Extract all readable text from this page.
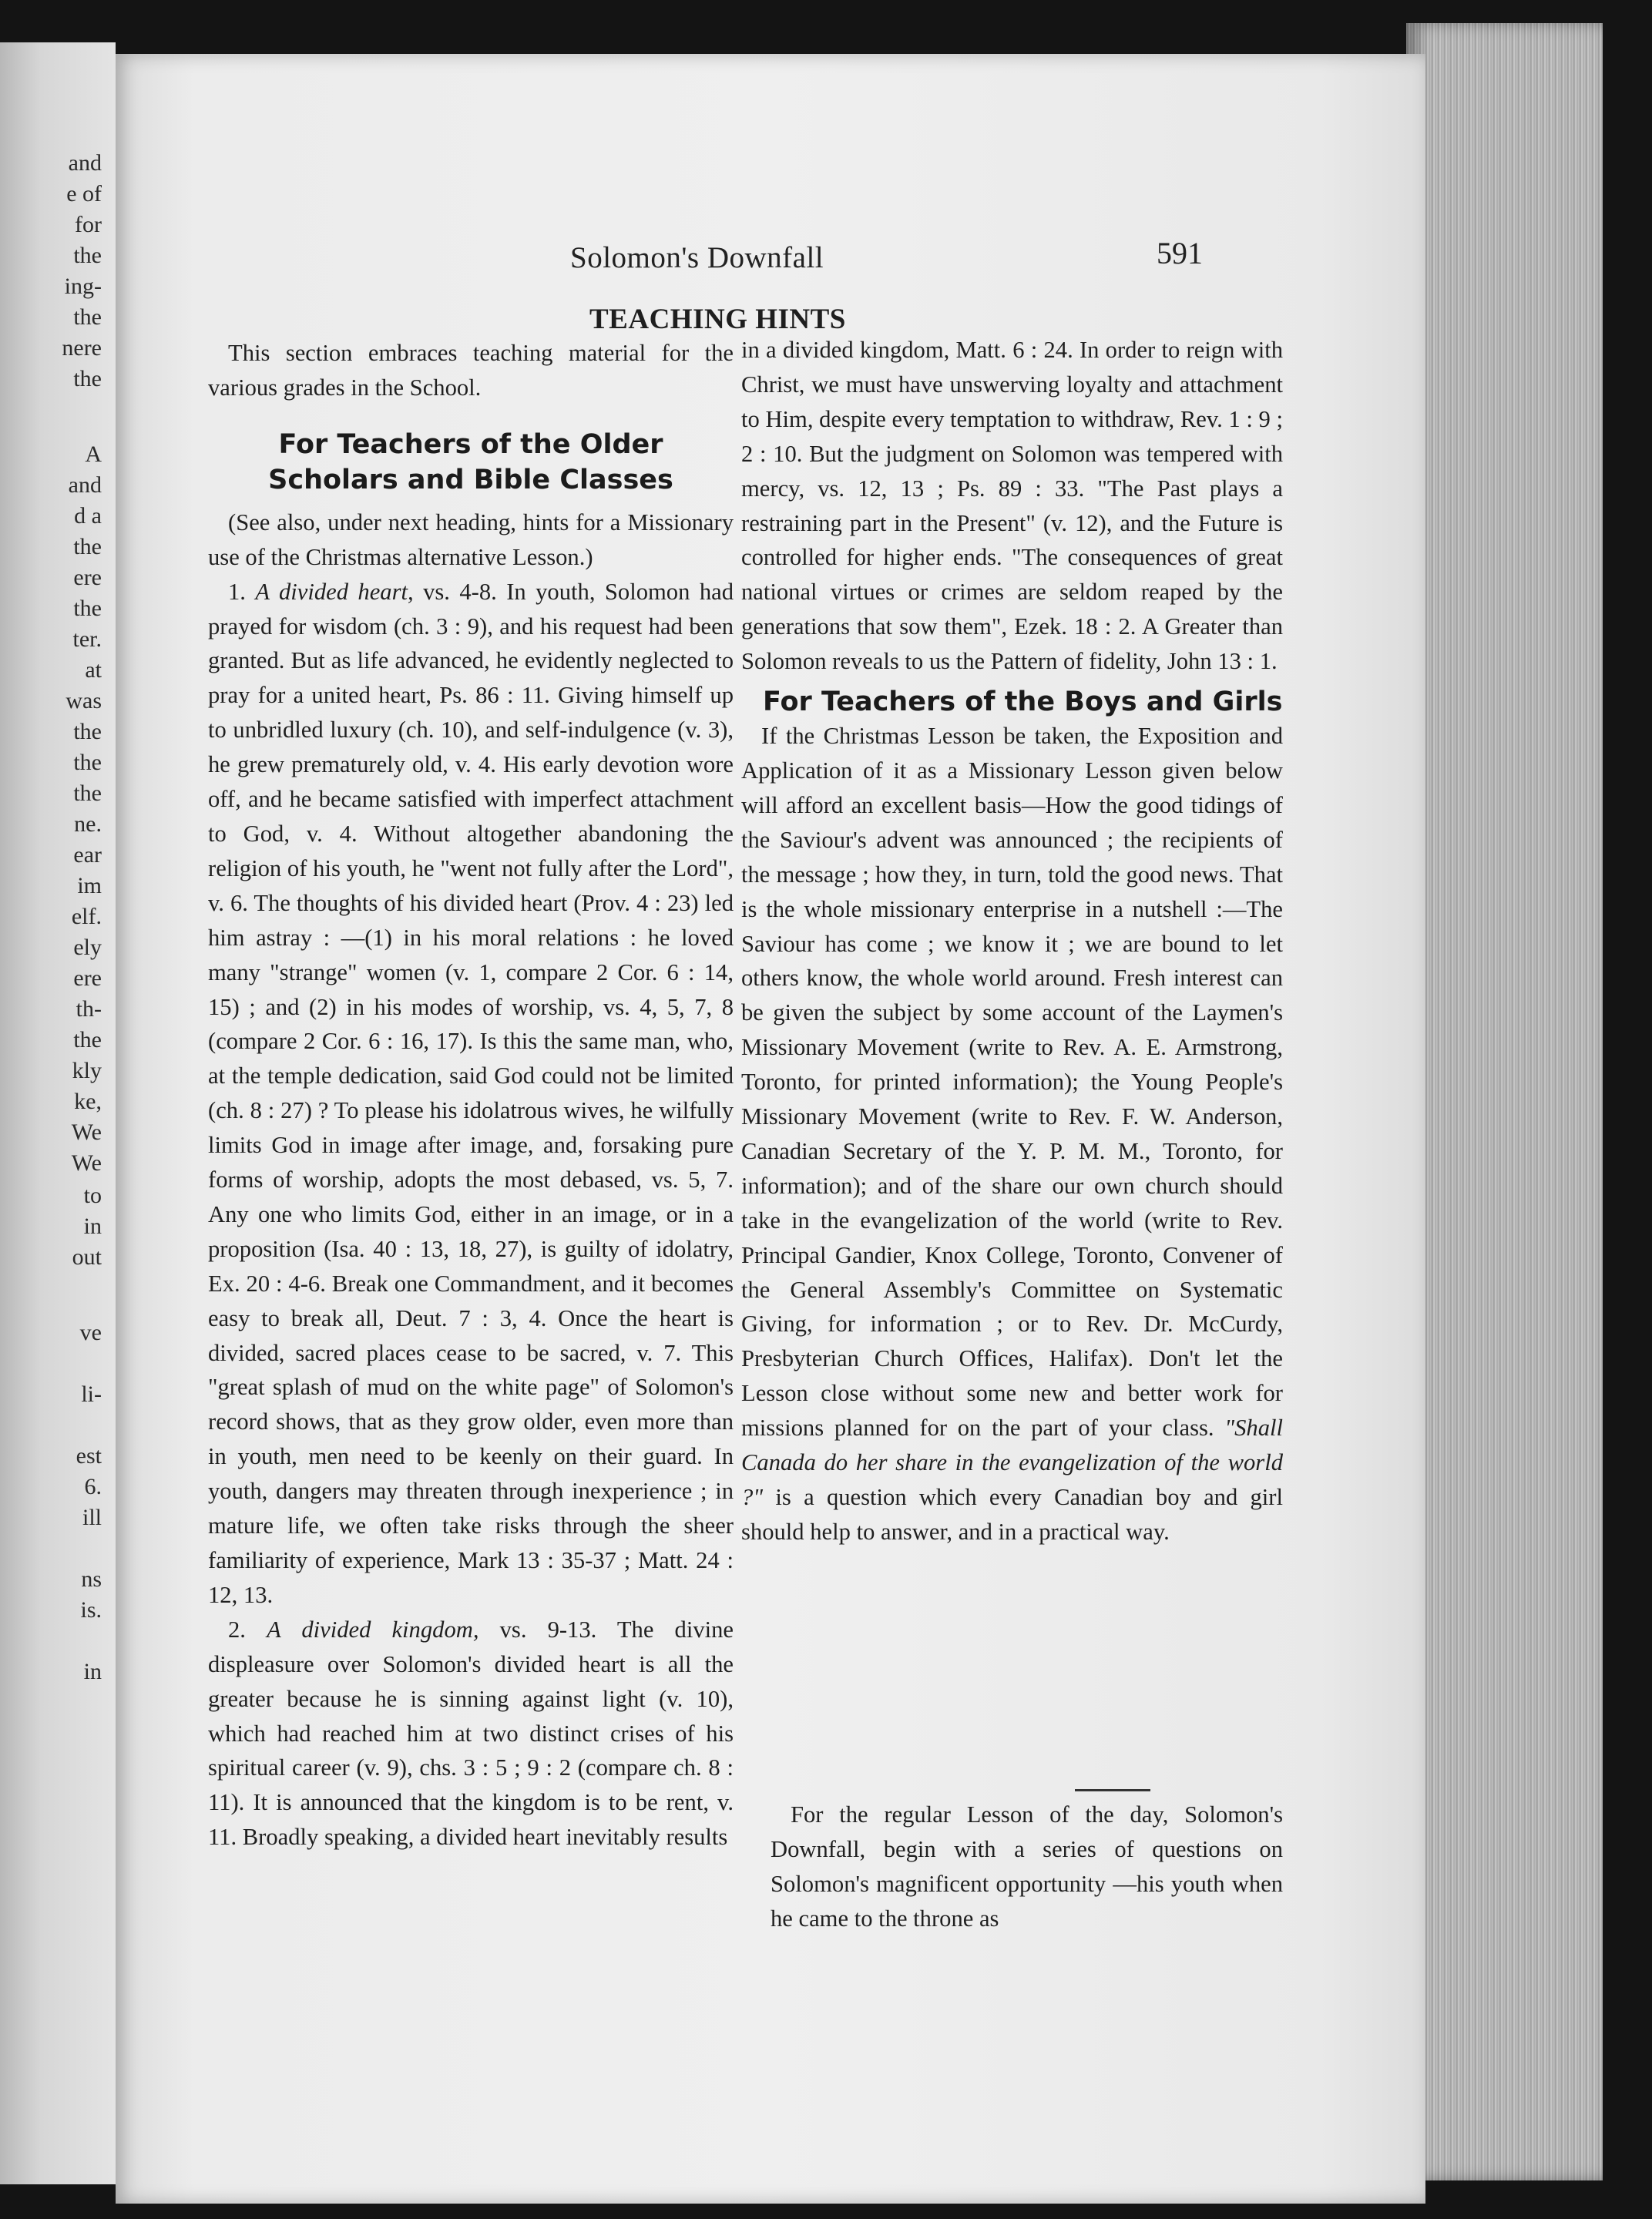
and
e of
for
the
ing-
the
nere
the
A
and
d a
the
ere
the
ter.
at
was
the
the
the
ne.
ear
im
elf.
ely
ere
th-
the
kly
ke,
We
We
to
in
out
ve
li-
est
6.
ill
ns
is.
in
Solomon's Downfall	591
TEACHING HINTS

This section embraces teaching material for the various grades in the School.

For Teachers of the Older Scholars and Bible Classes

(See also, under next heading, hints for a Missionary use of the Christmas alternative Lesson.)

1. A divided heart, vs. 4-8. In youth, Solomon had prayed for wisdom (ch. 3 : 9), and his request had been granted. But as life advanced, he evidently neglected to pray for a united heart, Ps. 86 : 11. Giving himself up to unbridled luxury (ch. 10), and self-indulgence (v. 3), he grew prematurely old, v. 4. His early devotion wore off, and he became satisfied with imperfect attachment to God, v. 4. Without altogether abandoning the religion of his youth, he "went not fully after the Lord", v. 6. The thoughts of his divided heart (Prov. 4 : 23) led him astray : —(1) in his moral relations : he loved many "strange" women (v. 1, compare 2 Cor. 6 : 14, 15) ; and (2) in his modes of worship, vs. 4, 5, 7, 8 (compare 2 Cor. 6 : 16, 17). Is this the same man, who, at the temple dedication, said God could not be limited (ch. 8 : 27) ? To please his idolatrous wives, he wilfully limits God in image after image, and, forsaking pure forms of worship, adopts the most debased, vs. 5, 7. Any one who limits God, either in an image, or in a proposition (Isa. 40 : 13, 18, 27), is guilty of idolatry, Ex. 20 : 4-6. Break one Commandment, and it becomes easy to break all, Deut. 7 : 3, 4. Once the heart is divided, sacred places cease to be sacred, v. 7. This "great splash of mud on the white page" of Solomon's record shows, that as they grow older, even more than in youth, men need to be keenly on their guard. In youth, dangers may threaten through inexperience ; in mature life, we often take risks through the sheer familiarity of experience, Mark 13 : 35-37 ; Matt. 24 : 12, 13.

2. A divided kingdom, vs. 9-13. The divine displeasure over Solomon's divided heart is all the greater because he is sinning against light (v. 10), which had reached him at two distinct crises of his spiritual career (v. 9), chs. 3 : 5 ; 9 : 2 (compare ch. 8 : 11). It is announced that the kingdom is to be rent, v. 11. Broadly speaking, a divided heart inevitably results

in a divided kingdom, Matt. 6 : 24. In order to reign with Christ, we must have unswerving loyalty and attachment to Him, despite every temptation to withdraw, Rev. 1 : 9 ; 2 : 10. But the judgment on Solomon was tempered with mercy, vs. 12, 13 ; Ps. 89 : 33. "The Past plays a restraining part in the Present" (v. 12), and the Future is controlled for higher ends. "The consequences of great national virtues or crimes are seldom reaped by the generations that sow them", Ezek. 18 : 2. A Greater than Solomon reveals to us the Pattern of fidelity, John 13 : 1.

For Teachers of the Boys and Girls

If the Christmas Lesson be taken, the Exposition and Application of it as a Missionary Lesson given below will afford an excellent basis—How the good tidings of the Saviour's advent was announced ; the recipients of the message ; how they, in turn, told the good news. That is the whole missionary enterprise in a nutshell :—The Saviour has come ; we know it ; we are bound to let others know, the whole world around. Fresh interest can be given the subject by some account of the Laymen's Missionary Movement (write to Rev. A. E. Armstrong, Toronto, for printed information); the Young People's Missionary Movement (write to Rev. F. W. Anderson, Canadian Secretary of the Y. P. M. M., Toronto, for information); and of the share our own church should take in the evangelization of the world (write to Rev. Principal Gandier, Knox College, Toronto, Convener of the General Assembly's Committee on Systematic Giving, for information ; or to Rev. Dr. McCurdy, Presbyterian Church Offices, Halifax). Don't let the Lesson close without some new and better work for missions planned for on the part of your class. "Shall Canada do her share in the evangelization of the world ?" is a question which every Canadian boy and girl should help to answer, and in a practical way.

For the regular Lesson of the day, Solomon's Downfall, begin with a series of questions on Solomon's magnificent opportunity —his youth when he came to the throne as
